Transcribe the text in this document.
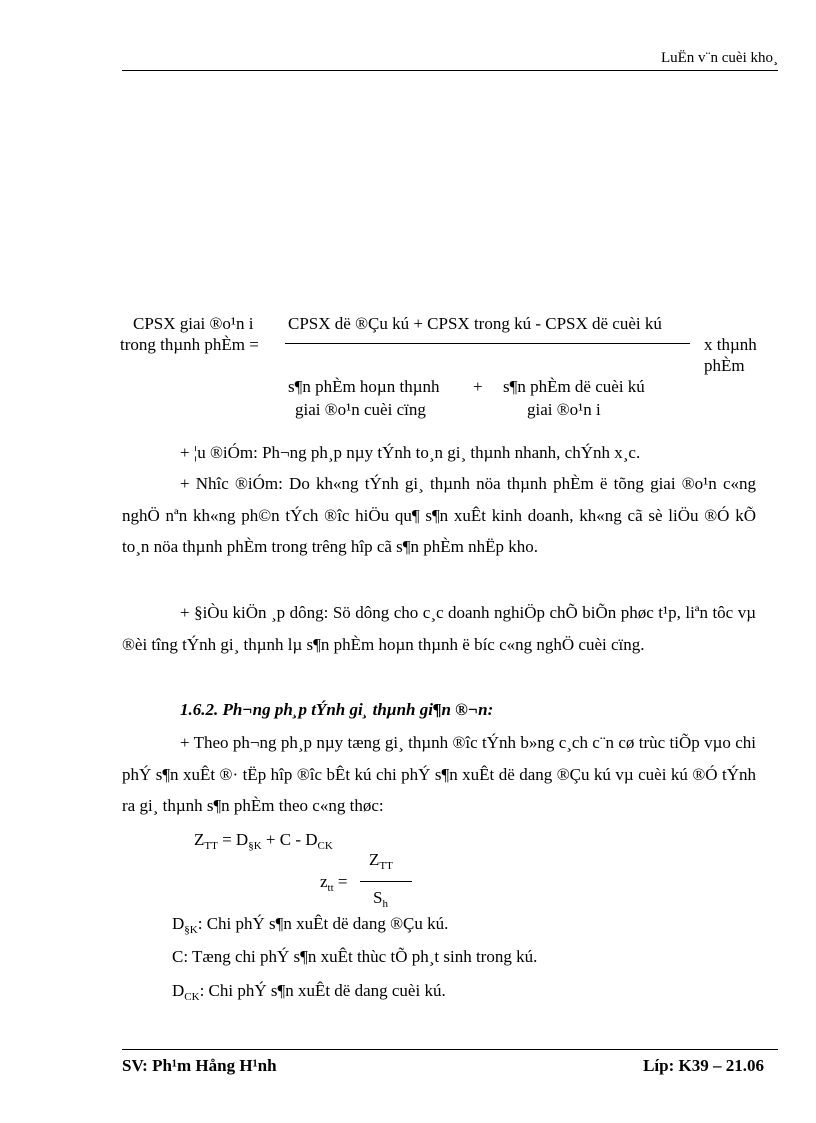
LuËn v¨n cuèi kho¸
CPSX giai ®o¹n i
trong thµnh phÈm =
CPSX dë ®Çu kú + CPSX trong kú - CPSX dë cuèi kú
x thµnh
phÈm
s¶n phÈm hoµn thµnh
giai ®o¹n cuèi cïng
+ s¶n phÈm dë cuèi kú
giai ®o¹n i

+ ¦u ®iÓm: Ph¬ng ph¸p nµy tÝnh to¸n gi¸ thµnh nhanh, chÝnh x¸c.

+ Nhîc ®iÓm: Do kh«ng tÝnh gi¸ thµnh nöa thµnh phÈm ë tõng giai ®o¹n c«ng nghÖ nªn kh«ng ph©n tÝch ®îc hiÖu qu¶ s¶n xuÊt kinh doanh, kh«ng cã sè liÖu ®Ó kÕ to¸n nöa thµnh phÈm trong trêng hîp cã s¶n phÈm nhËp kho.

+ §iÒu kiÖn ¸p dông: Sö dông cho c¸c doanh nghiÖp chÕ biÕn phøc t¹p, liªn tôc vµ ®èi tîng tÝnh gi¸ thµnh lµ s¶n phÈm hoµn thµnh ë bíc c«ng nghÖ cuèi cïng.

1.6.2. Ph¬ng ph¸p tÝnh gi¸ thµnh gi¶n ®¬n:

+ Theo ph¬ng ph¸p nµy tæng gi¸ thµnh ®îc tÝnh b»ng c¸ch c¨n cø trùc tiÕp vµo chi phÝ s¶n xuÊt ®· tËp hîp ®îc bÊt kú chi phÝ s¶n xuÊt dë dang ®Çu kú vµ cuèi kú ®Ó tÝnh ra gi¸ thµnh s¶n phÈm theo c«ng thøc:

$Z_{TT} = D_{\S K} + C - D_{CK}$
$z_{tt}$ =
$Z_{TT}$
$S_h$
$D_{\S K}$: Chi phÝ s¶n xuÊt dë dang ®Çu kú.
C: Tæng chi phÝ s¶n xuÊt thùc tÕ ph¸t sinh trong kú.
$D_{CK}$: Chi phÝ s¶n xuÊt dë dang cuèi kú.
SV: Ph¹m Hång H¹nh	Líp: K39 – 21.06
